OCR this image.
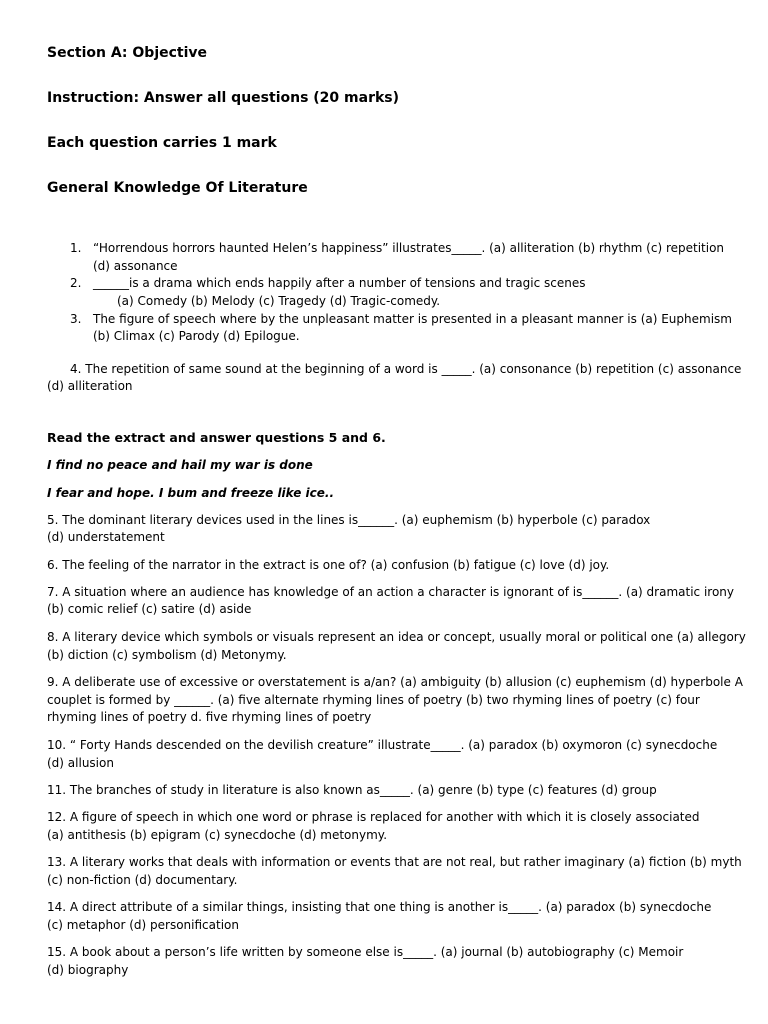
Section A: Objective
Instruction: Answer all questions (20 marks)
Each question carries 1 mark
General Knowledge Of Literature
1. “Horrendous horrors haunted Helen’s happiness” illustrates_____. (a) alliteration (b) rhythm (c) repetition
(d) assonance
2. ______is a drama which ends happily after a number of tensions and tragic scenes
(a) Comedy (b) Melody (c) Tragedy (d) Tragic-comedy.
3. The figure of speech where by the unpleasant matter is presented in a pleasant manner is (a) Euphemism
(b) Climax (c) Parody (d) Epilogue.
4. The repetition of same sound at the beginning of a word is _____. (a) consonance (b) repetition (c) assonance
(d) alliteration
Read the extract and answer questions 5 and 6.
I find no peace and hail my war is done
I fear and hope. I bum and freeze like ice..
5. The dominant literary devices used in the lines is______. (a) euphemism (b) hyperbole (c) paradox
(d) understatement
6. The feeling of the narrator in the extract is one of? (a) confusion (b) fatigue (c) love (d) joy.
7. A situation where an audience has knowledge of an action a character is ignorant of is______. (a) dramatic irony
(b) comic relief (c) satire (d) aside
8. A literary device which symbols or visuals represent an idea or concept, usually moral or political one (a) allegory
(b) diction (c) symbolism (d) Metonymy.
9. A deliberate use of excessive or overstatement is a/an? (a) ambiguity (b) allusion (c) euphemism (d) hyperbole A
couplet is formed by ______. (a) five alternate rhyming lines of poetry (b) two rhyming lines of poetry (c) four
rhyming lines of poetry d. five rhyming lines of poetry
10. “ Forty Hands descended on the devilish creature” illustrate_____. (a) paradox (b) oxymoron (c) synecdoche
(d) allusion
11. The branches of study in literature is also known as_____. (a) genre (b) type (c) features (d) group
12. A figure of speech in which one word or phrase is replaced for another with which it is closely associated
(a) antithesis (b) epigram (c) synecdoche (d) metonymy.
13. A literary works that deals with information or events that are not real, but rather imaginary (a) fiction (b) myth
(c) non-fiction (d) documentary.
14. A direct attribute of a similar things, insisting that one thing is another is_____. (a) paradox (b) synecdoche
(c) metaphor (d) personification
15. A book about a person’s life written by someone else is_____. (a) journal (b) autobiography (c) Memoir
(d) biography
